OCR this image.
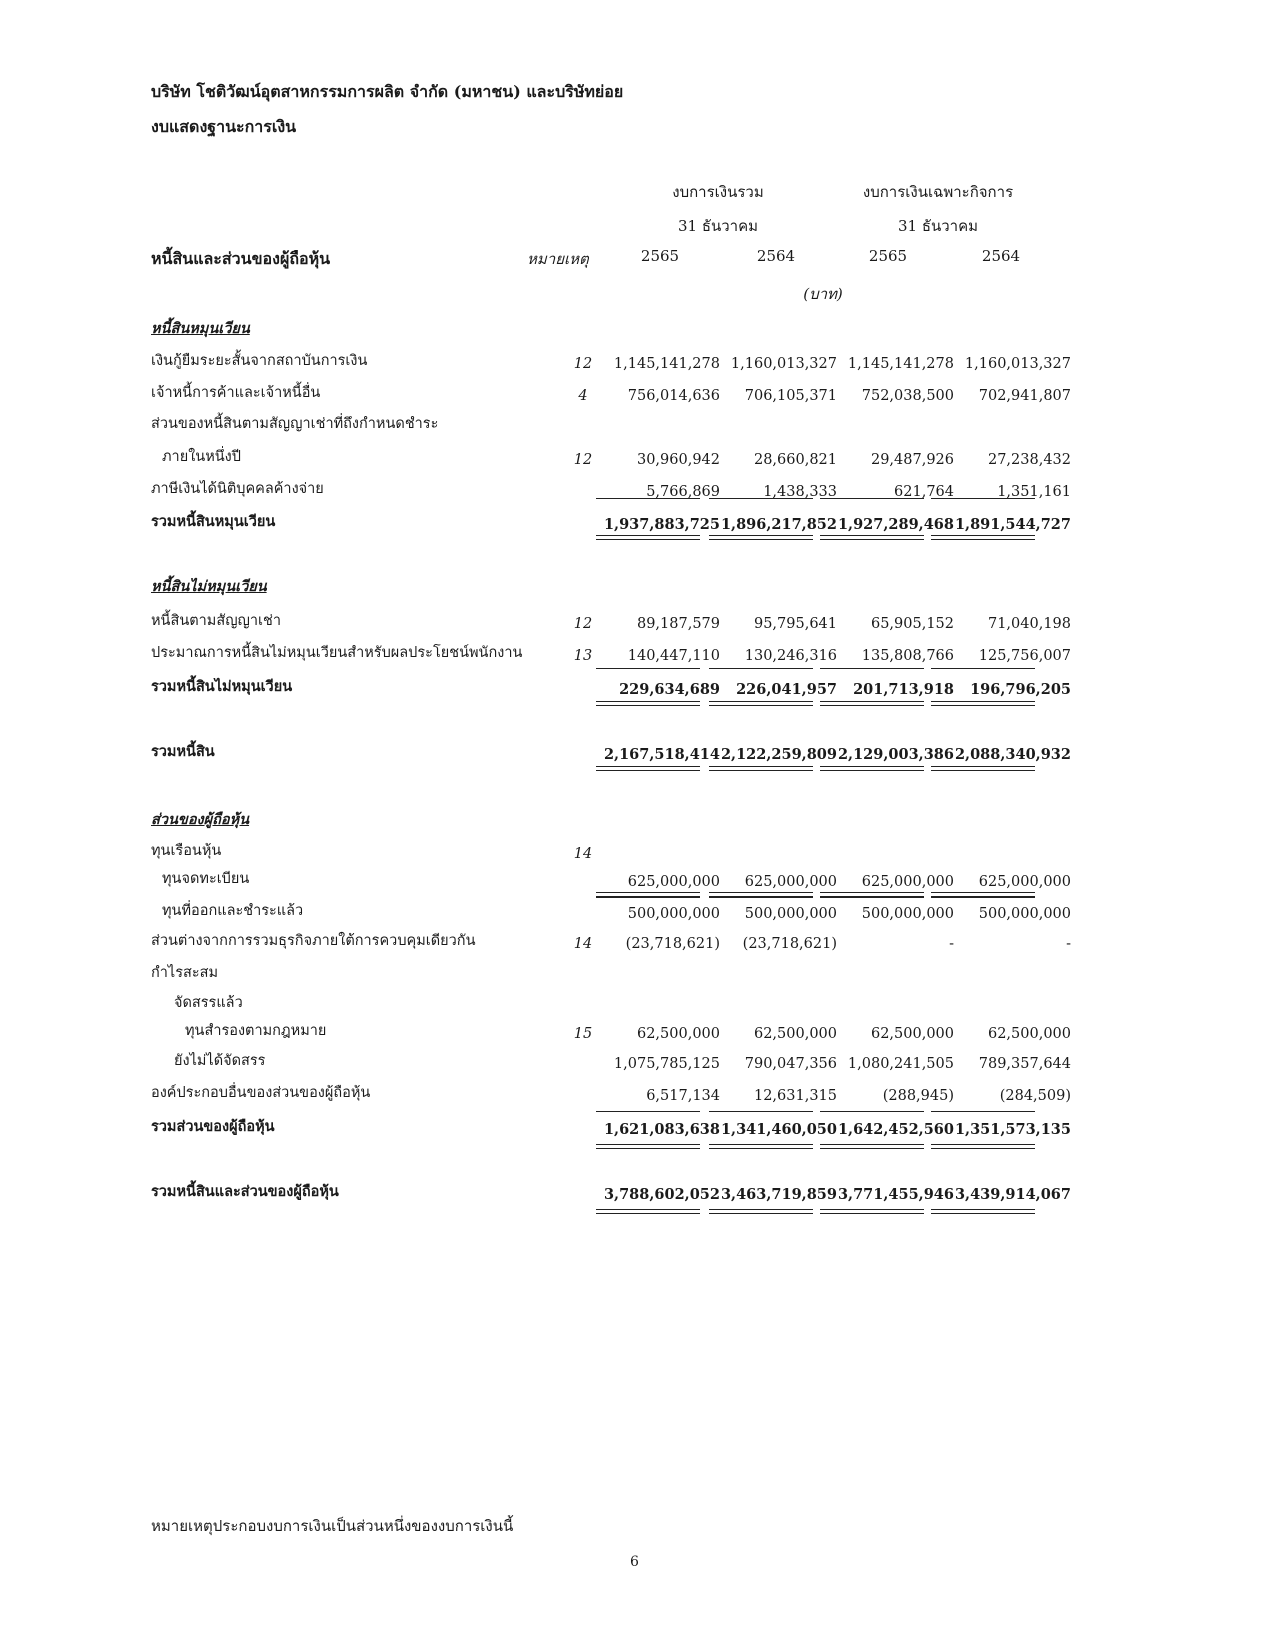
บริษัท โชติวัฒน์อุตสาหกรรมการผลิต จำกัด (มหาชน) และบริษัทย่อย
งบแสดงฐานะการเงิน
งบการเงินรวม	งบการเงินเฉพาะกิจการ
31 ธันวาคม	31 ธันวาคม
หนี้สินและส่วนของผู้ถือหุ้น	หมายเหตุ	2565	2564	2565	2564
(บาท)
หนี้สินหมุนเวียน
เงินกู้ยืมระยะสั้นจากสถาบันการเงิน	12	1,145,141,278 1,160,013,327 1,145,141,278 1,160,013,327
เจ้าหนี้การค้าและเจ้าหนี้อื่น	4	756,014,636	706,105,371	752,038,500	702,941,807
ส่วนของหนี้สินตามสัญญาเช่าที่ถึงกำหนดชำระ
ภายในหนึ่งปี	12	30,960,942	28,660,821	29,487,926	27,238,432
ภาษีเงินได้นิติบุคคลค้างจ่าย	5,766,869	1,438,333	621,764	1,351,161
รวมหนี้สินหมุนเวียน	1,937,883,725 1,896,217,852 1,927,289,468 1,891,544,727
หนี้สินไม่หมุนเวียน
หนี้สินตามสัญญาเช่า	12	89,187,579	95,795,641	65,905,152	71,040,198
ประมาณการหนี้สินไม่หมุนเวียนสำหรับผลประโยชน์พนักงาน	13	140,447,110	130,246,316	135,808,766	125,756,007
รวมหนี้สินไม่หมุนเวียน	229,634,689	226,041,957	201,713,918	196,796,205
รวมหนี้สิน	2,167,518,414 2,122,259,809 2,129,003,386 2,088,340,932
ส่วนของผู้ถือหุ้น
ทุนเรือนหุ้น	14
ทุนจดทะเบียน	625,000,000	625,000,000	625,000,000	625,000,000
ทุนที่ออกและชำระแล้ว	500,000,000	500,000,000	500,000,000	500,000,000
ส่วนต่างจากการรวมธุรกิจภายใต้การควบคุมเดียวกัน	14	(23,718,621)	(23,718,621)	-	-
กำไรสะสม
จัดสรรแล้ว
ทุนสำรองตามกฎหมาย	15	62,500,000	62,500,000	62,500,000	62,500,000
ยังไม่ได้จัดสรร	1,075,785,125	790,047,356 1,080,241,505	789,357,644
องค์ประกอบอื่นของส่วนของผู้ถือหุ้น	6,517,134	12,631,315	(288,945)	(284,509)
รวมส่วนของผู้ถือหุ้น	1,621,083,638 1,341,460,050 1,642,452,560 1,351,573,135
รวมหนี้สินและส่วนของผู้ถือหุ้น	3,788,602,052 3,463,719,859 3,771,455,946 3,439,914,067
หมายเหตุประกอบงบการเงินเป็นส่วนหนึ่งของงบการเงินนี้
6
